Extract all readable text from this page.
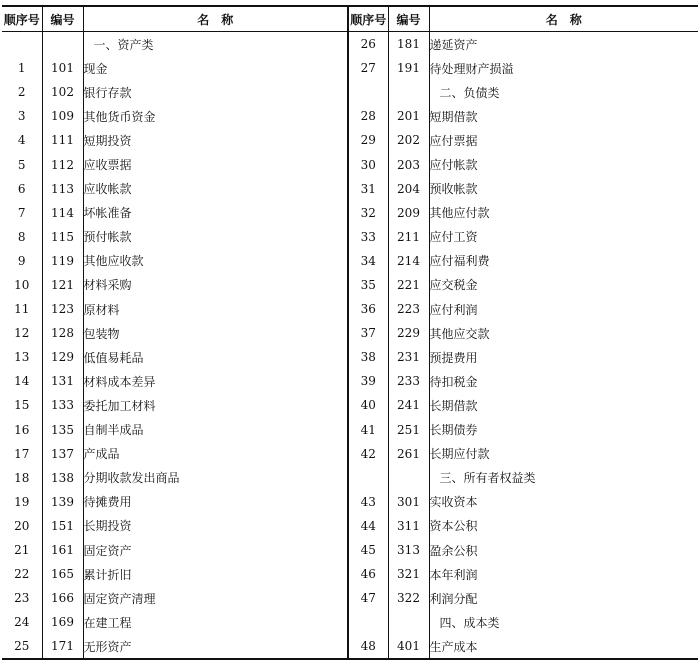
顺序号	编号	名　称	顺序号	编号	名　称
		一、资产类	26	181	递延资产
1	101	现金	27	191	待处理财产损溢
2	102	银行存款			二、负债类
3	109	其他货币资金	28	201	短期借款
4	111	短期投资	29	202	应付票据
5	112	应收票据	30	203	应付帐款
6	113	应收帐款	31	204	预收帐款
7	114	坏帐准备	32	209	其他应付款
8	115	预付帐款	33	211	应付工资
9	119	其他应收款	34	214	应付福利费
10	121	材料采购	35	221	应交税金
11	123	原材料	36	223	应付利润
12	128	包装物	37	229	其他应交款
13	129	低值易耗品	38	231	预提费用
14	131	材料成本差异	39	233	待扣税金
15	133	委托加工材料	40	241	长期借款
16	135	自制半成品	41	251	长期债券
17	137	产成品	42	261	长期应付款
18	138	分期收款发出商品			三、所有者权益类
19	139	待摊费用	43	301	实收资本
20	151	长期投资	44	311	资本公积
21	161	固定资产	45	313	盈余公积
22	165	累计折旧	46	321	本年利润
23	166	固定资产清理	47	322	利润分配
24	169	在建工程			四、成本类
25	171	无形资产	48	401	生产成本
